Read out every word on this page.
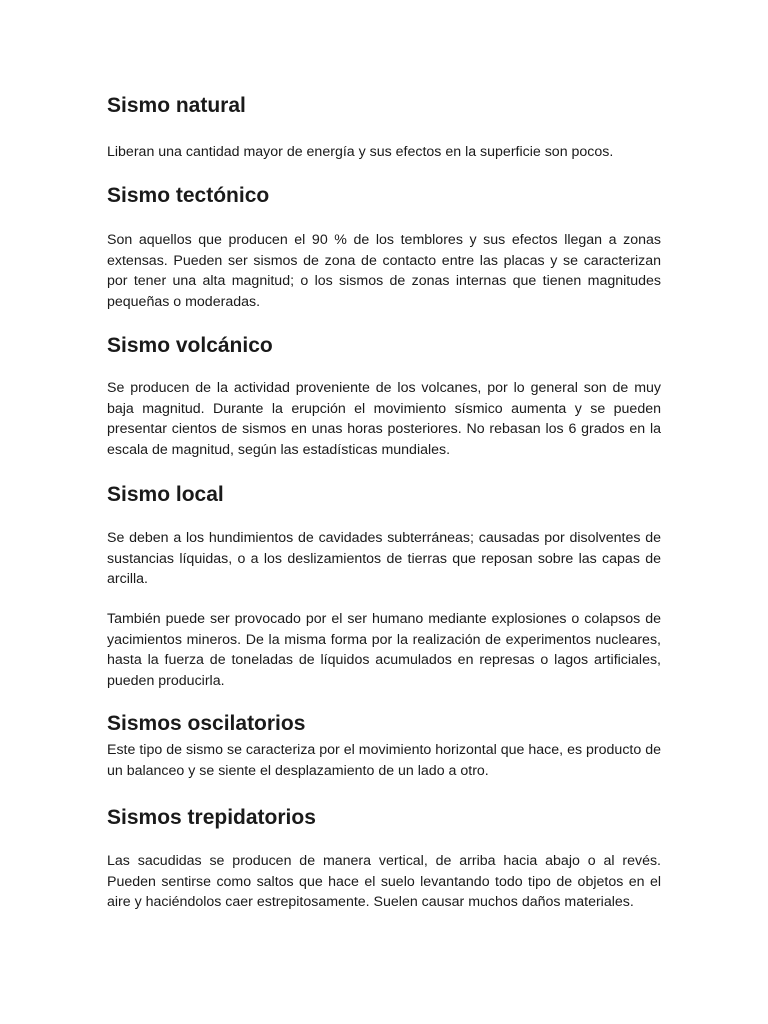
Sismo natural

Liberan una cantidad mayor de energía y sus efectos en la superficie son pocos.

Sismo tectónico

Son aquellos que producen el 90 % de los temblores y sus efectos llegan a zonas extensas. Pueden ser sismos de zona de contacto entre las placas y se caracterizan por tener una alta magnitud; o los sismos de zonas internas que tienen magnitudes pequeñas o moderadas.

Sismo volcánico

Se producen de la actividad proveniente de los volcanes, por lo general son de muy baja magnitud. Durante la erupción el movimiento sísmico aumenta y se pueden presentar cientos de sismos en unas horas posteriores. No rebasan los 6 grados en la escala de magnitud, según las estadísticas mundiales.

Sismo local

Se deben a los hundimientos de cavidades subterráneas; causadas por disolventes de sustancias líquidas, o a los deslizamientos de tierras que reposan sobre las capas de arcilla.

También puede ser provocado por el ser humano mediante explosiones o colapsos de yacimientos mineros. De la misma forma por la realización de experimentos nucleares, hasta la fuerza de toneladas de líquidos acumulados en represas o lagos artificiales, pueden producirla.

Sismos oscilatorios

Este tipo de sismo se caracteriza por el movimiento horizontal que hace, es producto de un balanceo y se siente el desplazamiento de un lado a otro.

Sismos trepidatorios

Las sacudidas se producen de manera vertical, de arriba hacia abajo o al revés. Pueden sentirse como saltos que hace el suelo levantando todo tipo de objetos en el aire y haciéndolos caer estrepitosamente. Suelen causar muchos daños materiales.
